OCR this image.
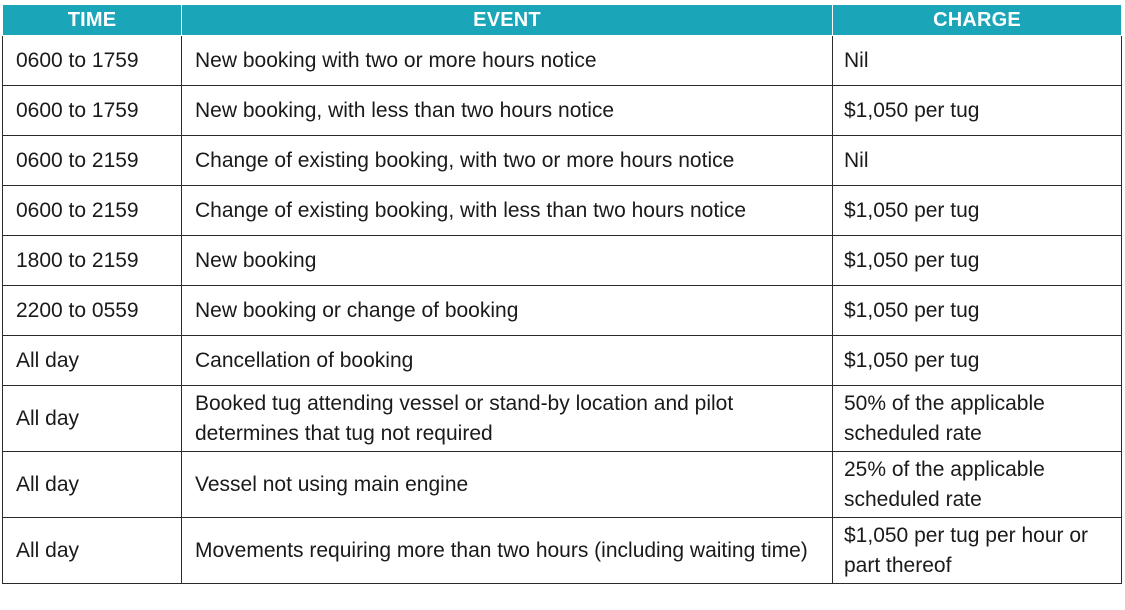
TIME	EVENT	CHARGE
0600 to 1759	New booking with two or more hours notice	Nil
0600 to 1759	New booking, with less than two hours notice	$1,050 per tug
0600 to 2159	Change of existing booking, with two or more hours notice	Nil
0600 to 2159	Change of existing booking, with less than two hours notice	$1,050 per tug
1800 to 2159	New booking	$1,050 per tug
2200 to 0559	New booking or change of booking	$1,050 per tug
All day	Cancellation of booking	$1,050 per tug
All day	Booked tug attending vessel or stand-by location and pilot determines that tug not required	50% of the applicable scheduled rate
All day	Vessel not using main engine	25% of the applicable scheduled rate
All day	Movements requiring more than two hours (including waiting time)	$1,050 per tug per hour or part thereof
